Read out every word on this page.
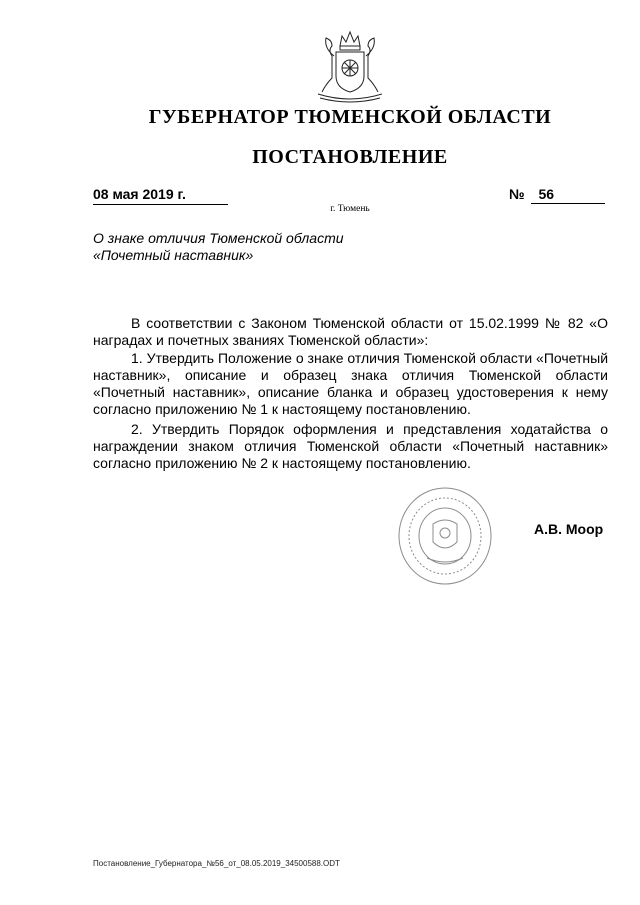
ГУБЕРНАТОР ТЮМЕНСКОЙ ОБЛАСТИ
ПОСТАНОВЛЕНИЕ
08 мая 2019 г.	№ 56
г. Тюмень
О знаке отличия Тюменской области «Почетный наставник»

В соответствии с Законом Тюменской области от 15.02.1999 № 82 «О наградах и почетных званиях Тюменской области»:

1. Утвердить Положение о знаке отличия Тюменской области «Почетный наставник», описание и образец знака отличия Тюменской области «Почетный наставник», описание бланка и образец удостоверения к нему согласно приложению № 1 к настоящему постановлению.

2. Утвердить Порядок оформления и представления ходатайства о награждении знаком отличия Тюменской области «Почетный наставник» согласно приложению № 2 к настоящему постановлению.

А.В. Моор
Постановление_Губернатора_№56_от_08.05.2019_34500588.ODT
